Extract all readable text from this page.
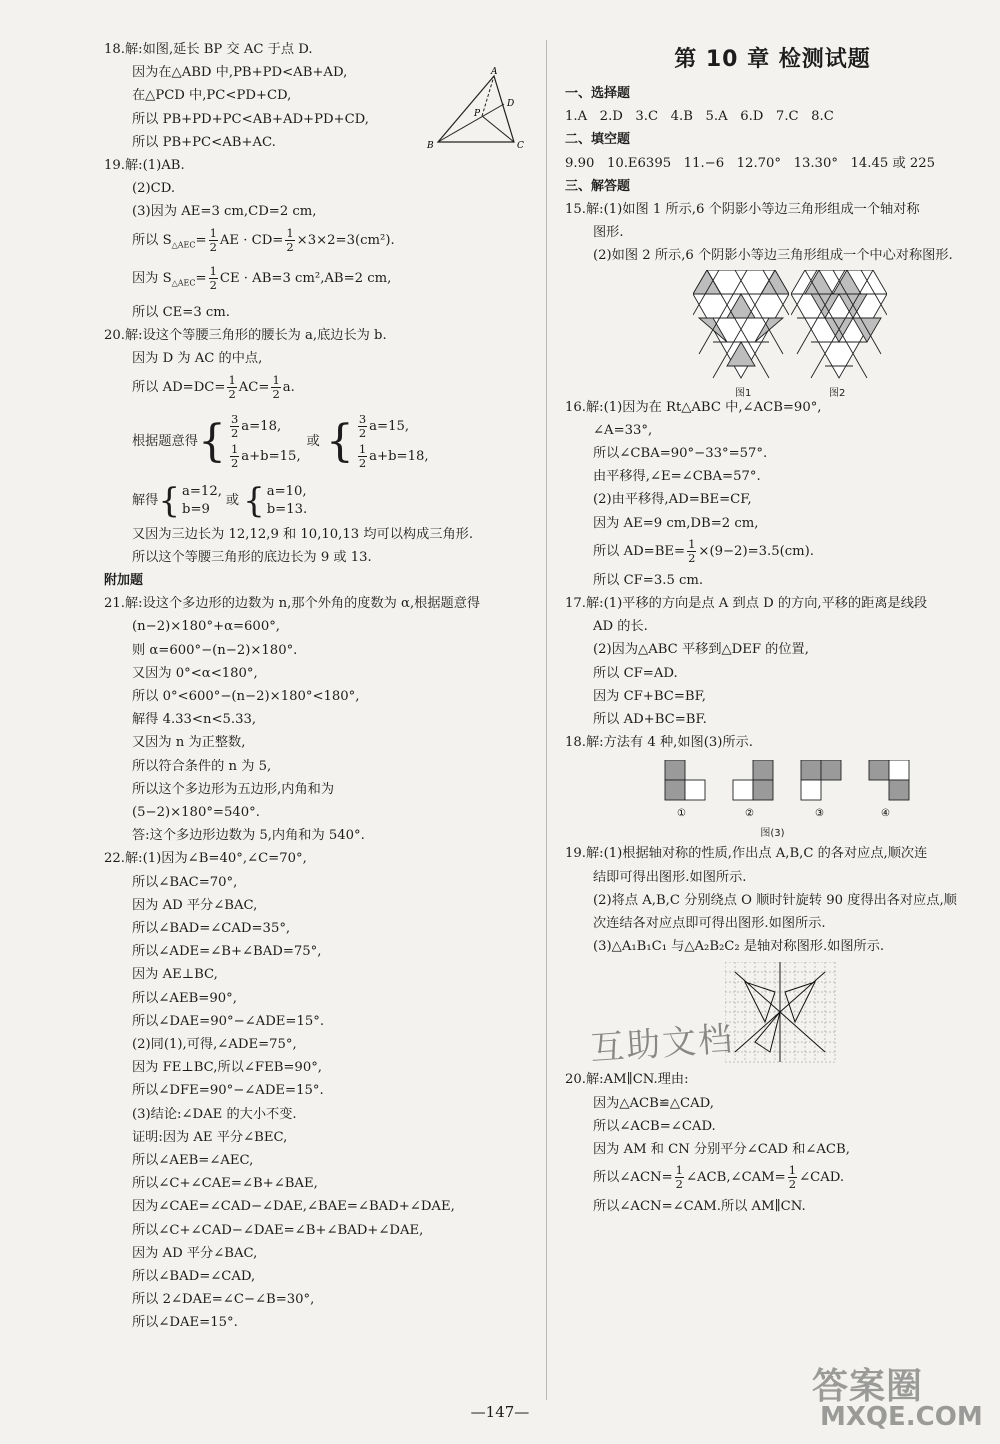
18.解:如图,延长 BP 交 AC 于点 D.
因为在△ABD 中,PB+PD<AB+AD,
在△PCD 中,PC<PD+CD,
所以 PB+PD+PC<AB+AD+PD+CD,
所以 PB+PC<AB+AC.
A
B	C
D
P
19.解:(1)AB.
(2)CD.
(3)因为 AE=3 cm,CD=2 cm,
所以 $S_{\triangle AEC}= \frac{1}{2}$ AE · $CD= \frac{1}{2} \times 3\times 2=3(cm^2)$.
因为 $S_{\triangle AEC}= \frac{1}{2}$ CE · AB=3 cm²,AB=2 cm,
所以 CE=3 cm.
20.解:设这个等腰三角形的腰长为 a,底边长为 b.
因为 D 为 AC 的中点,
所以 $AD=DC= \frac{1}{2} AC= \frac{1}{2} a$.
根据题意得 { $\frac{3}{2} a=18$,
$\frac{1}{2} a+b=15$,
或 { $\frac{3}{2} a=15$,
$\frac{1}{2} a+b=18$,
解得 { a=12,
b=9
或 { a=10,
b=13.
又因为三边长为 12,12,9 和 10,10,13 均可以构成三角形.
所以这个等腰三角形的底边长为 9 或 13.
附加题
21.解:设这个多边形的边数为 n,那个外角的度数为 α,根据题意得
(n−2)×180°+α=600°,
则 α=600°−(n−2)×180°.
又因为 0°<α<180°,
所以 0°<600°−(n−2)×180°<180°,
解得 4.33<n<5.33,
又因为 n 为正整数,
所以符合条件的 n 为 5,
所以这个多边形为五边形,内角和为
(5−2)×180°=540°.
答:这个多边形边数为 5,内角和为 540°.
22.解:(1)因为∠B=40°,∠C=70°,
所以∠BAC=70°,
因为 AD 平分∠BAC,
所以∠BAD=∠CAD=35°,
所以∠ADE=∠B+∠BAD=75°,
因为 AE⊥BC,
所以∠AEB=90°,
所以∠DAE=90°−∠ADE=15°.
(2)同(1),可得,∠ADE=75°,
因为 FE⊥BC,所以∠FEB=90°,
所以∠DFE=90°−∠ADE=15°.
(3)结论:∠DAE 的大小不变.
证明:因为 AE 平分∠BEC,
所以∠AEB=∠AEC,
所以∠C+∠CAE=∠B+∠BAE,
因为∠CAE=∠CAD−∠DAE,∠BAE=∠BAD+∠DAE,
所以∠C+∠CAD−∠DAE=∠B+∠BAD+∠DAE,
因为 AD 平分∠BAC,
所以∠BAD=∠CAD,
所以 2∠DAE=∠C−∠B=30°,
所以∠DAE=15°.
第 10 章 检测试题
一、选择题
1.A   2.D   3.C   4.B   5.A   6.D   7.C   8.C
二、填空题
9.90   10.E6395   11.−6   12.70°   13.30°   14.45 或 225
三、解答题
15.解:(1)如图 1 所示,6 个阴影小等边三角形组成一个轴对称
图形.
(2)如图 2 所示,6 个阴影小等边三角形组成一个中心对称图形.
图1	图2
16.解:(1)因为在 Rt△ABC 中,∠ACB=90°,
∠A=33°,
所以∠CBA=90°−33°=57°.
由平移得,∠E=∠CBA=57°.
(2)由平移得,AD=BE=CF,
因为 AE=9 cm,DB=2 cm,
所以 $AD=BE= \frac{1}{2} \times(9-2)=3.5(cm)$.
所以 CF=3.5 cm.
17.解:(1)平移的方向是点 A 到点 D 的方向,平移的距离是线段
AD 的长.
(2)因为△ABC 平移到△DEF 的位置,
所以 CF=AD.
因为 CF+BC=BF,
所以 AD+BC=BF.
18.解:方法有 4 种,如图(3)所示.
①	②	③	④
图(3)
19.解:(1)根据轴对称的性质,作出点 A,B,C 的各对应点,顺次连
结即可得出图形.如图所示.
(2)将点 A,B,C 分别绕点 O 顺时针旋转 90 度得出各对应点,顺
次连结各对应点即可得出图形.如图所示.
(3)△A₁B₁C₁ 与△A₂B₂C₂ 是轴对称图形.如图所示.
20.解:AM∥CN.理由:
因为△ACB≌△CAD,
所以∠ACB=∠CAD.
因为 AM 和 CN 分别平分∠CAD 和∠ACB,
所以∠ACN= $\frac{1}{2}$ ∠ACB,∠CAM= $\frac{1}{2}$ ∠CAD.
所以∠ACN=∠CAM.所以 AM∥CN.
互助文档
答案圈
MXQE.COM
—147—
